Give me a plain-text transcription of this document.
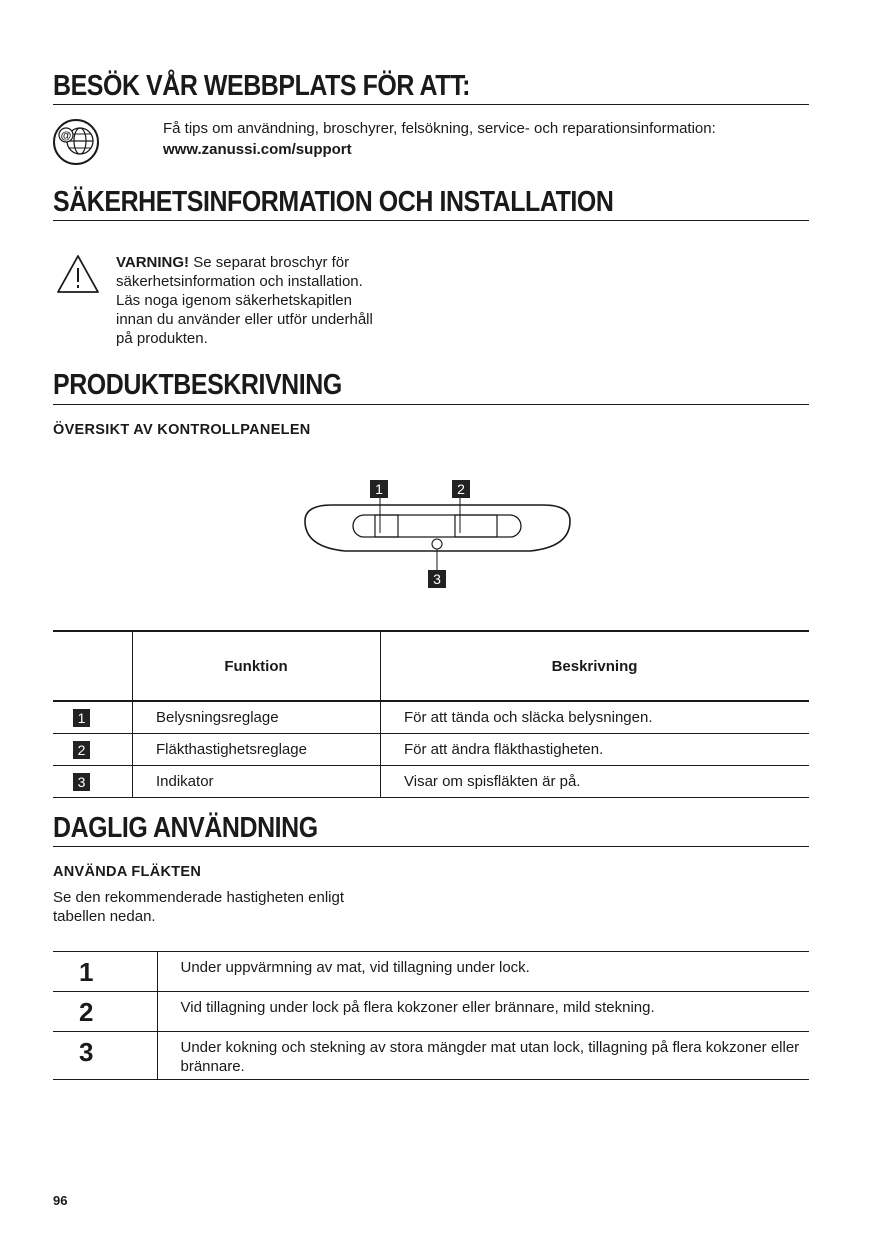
BESÖK VÅR WEBBPLATS FÖR ATT:
@	Få tips om användning, broschyrer, felsökning, service- och reparationsinformation:
www.zanussi.com/support
SÄKERHETSINFORMATION OCH INSTALLATION
VARNING! Se separat broschyr för
säkerhetsinformation och installation.
Läs noga igenom säkerhetskapitlen
innan du använder eller utför underhåll
på produkten.
PRODUKTBESKRIVNING
ÖVERSIKT AV KONTROLLPANELEN
1	2
3
	Funktion	Beskrivning
1	Belysningsreglage	För att tända och släcka belysningen.
2	Fläkthastighetsreglage	För att ändra fläkthastigheten.
3	Indikator	Visar om spisfläkten är på.
DAGLIG ANVÄNDNING
ANVÄNDA FLÄKTEN
Se den rekommenderade hastigheten enligt
tabellen nedan.
1	Under uppvärmning av mat, vid tillagning under lock.
2	Vid tillagning under lock på flera kokzoner eller brännare, mild stekning.
3	Under kokning och stekning av stora mängder mat utan lock, tillagning på flera kokzoner eller brännare.
96
